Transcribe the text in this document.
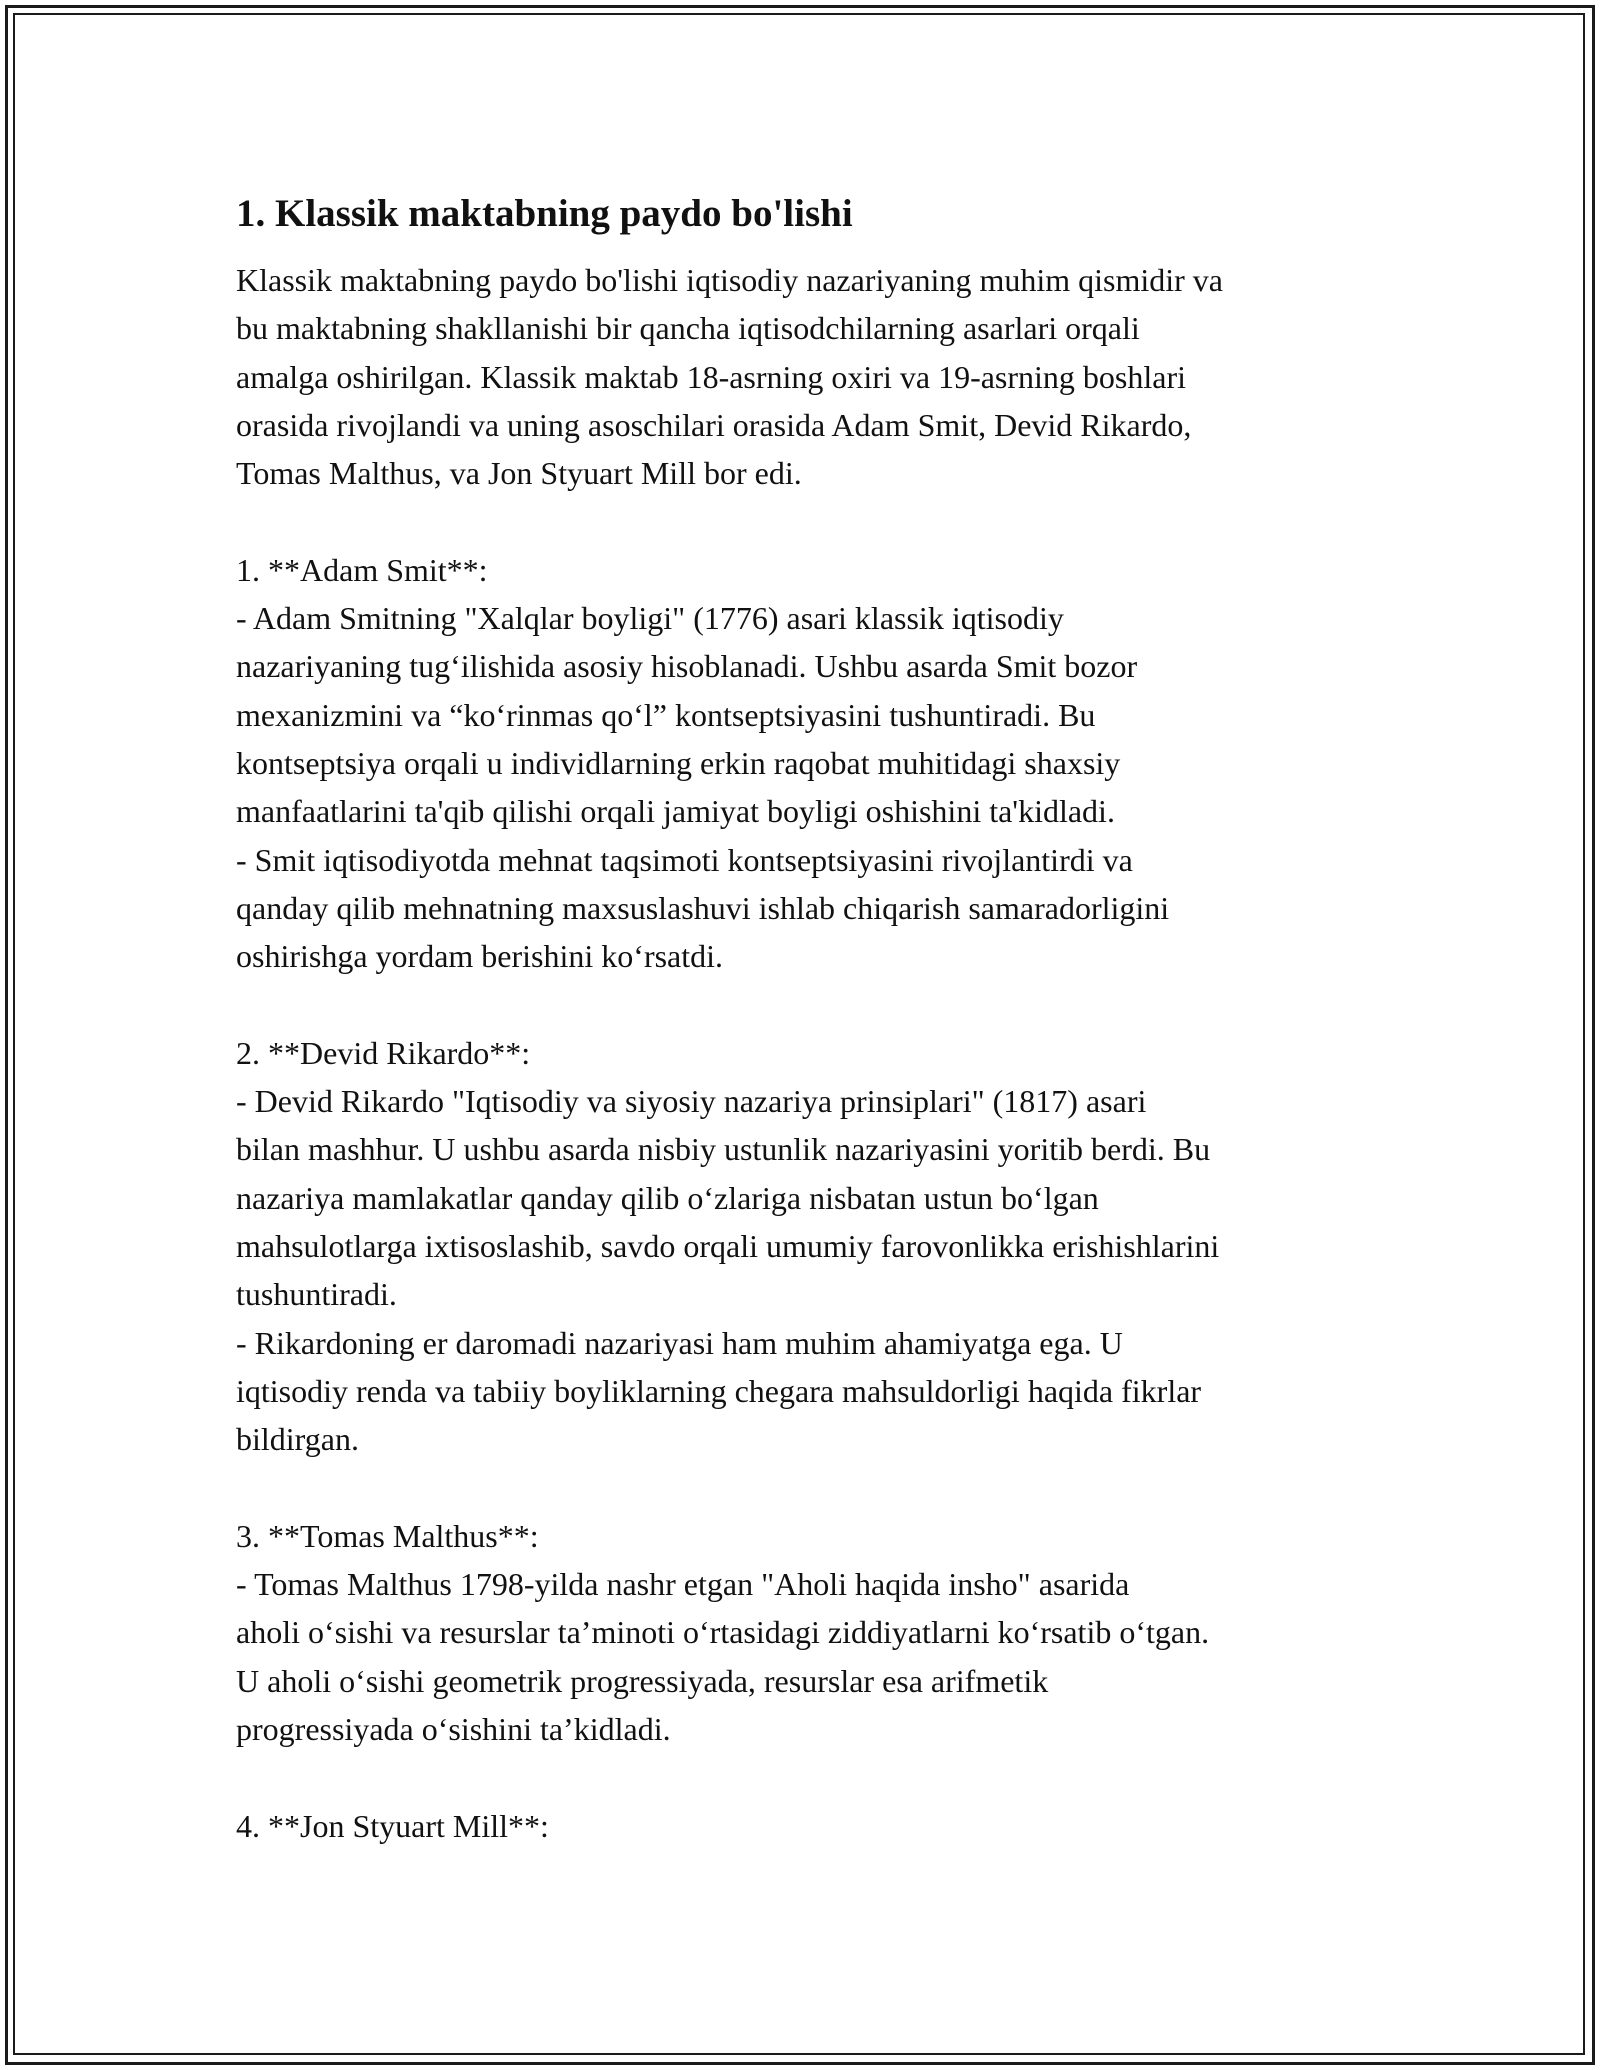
1. Klassik maktabning paydo bo'lishi

Klassik maktabning paydo bo'lishi iqtisodiy nazariyaning muhim qismidir va
bu maktabning shakllanishi bir qancha iqtisodchilarning asarlari orqali
amalga oshirilgan. Klassik maktab 18-asrning oxiri va 19-asrning boshlari
orasida rivojlandi va uning asoschilari orasida Adam Smit, Devid Rikardo,
Tomas Malthus, va Jon Styuart Mill bor edi.

1. **Adam Smit**:

- Adam Smitning "Xalqlar boyligi" (1776) asari klassik iqtisodiy
nazariyaning tug‘ilishida asosiy hisoblanadi. Ushbu asarda Smit bozor
mexanizmini va “ko‘rinmas qo‘l” kontseptsiyasini tushuntiradi. Bu
kontseptsiya orqali u individlarning erkin raqobat muhitidagi shaxsiy
manfaatlarini ta'qib qilishi orqali jamiyat boyligi oshishini ta'kidladi.

- Smit iqtisodiyotda mehnat taqsimoti kontseptsiyasini rivojlantirdi va
qanday qilib mehnatning maxsuslashuvi ishlab chiqarish samaradorligini
oshirishga yordam berishini ko‘rsatdi.

2. **Devid Rikardo**:

- Devid Rikardo "Iqtisodiy va siyosiy nazariya prinsiplari" (1817) asari
bilan mashhur. U ushbu asarda nisbiy ustunlik nazariyasini yoritib berdi. Bu
nazariya mamlakatlar qanday qilib o‘zlariga nisbatan ustun bo‘lgan
mahsulotlarga ixtisoslashib, savdo orqali umumiy farovonlikka erishishlarini
tushuntiradi.

- Rikardoning er daromadi nazariyasi ham muhim ahamiyatga ega. U
iqtisodiy renda va tabiiy boyliklarning chegara mahsuldorligi haqida fikrlar
bildirgan.

3. **Tomas Malthus**:

- Tomas Malthus 1798-yilda nashr etgan "Aholi haqida insho" asarida
aholi o‘sishi va resurslar ta’minoti o‘rtasidagi ziddiyatlarni ko‘rsatib o‘tgan.
U aholi o‘sishi geometrik progressiyada, resurslar esa arifmetik
progressiyada o‘sishini ta’kidladi.

4. **Jon Styuart Mill**:
